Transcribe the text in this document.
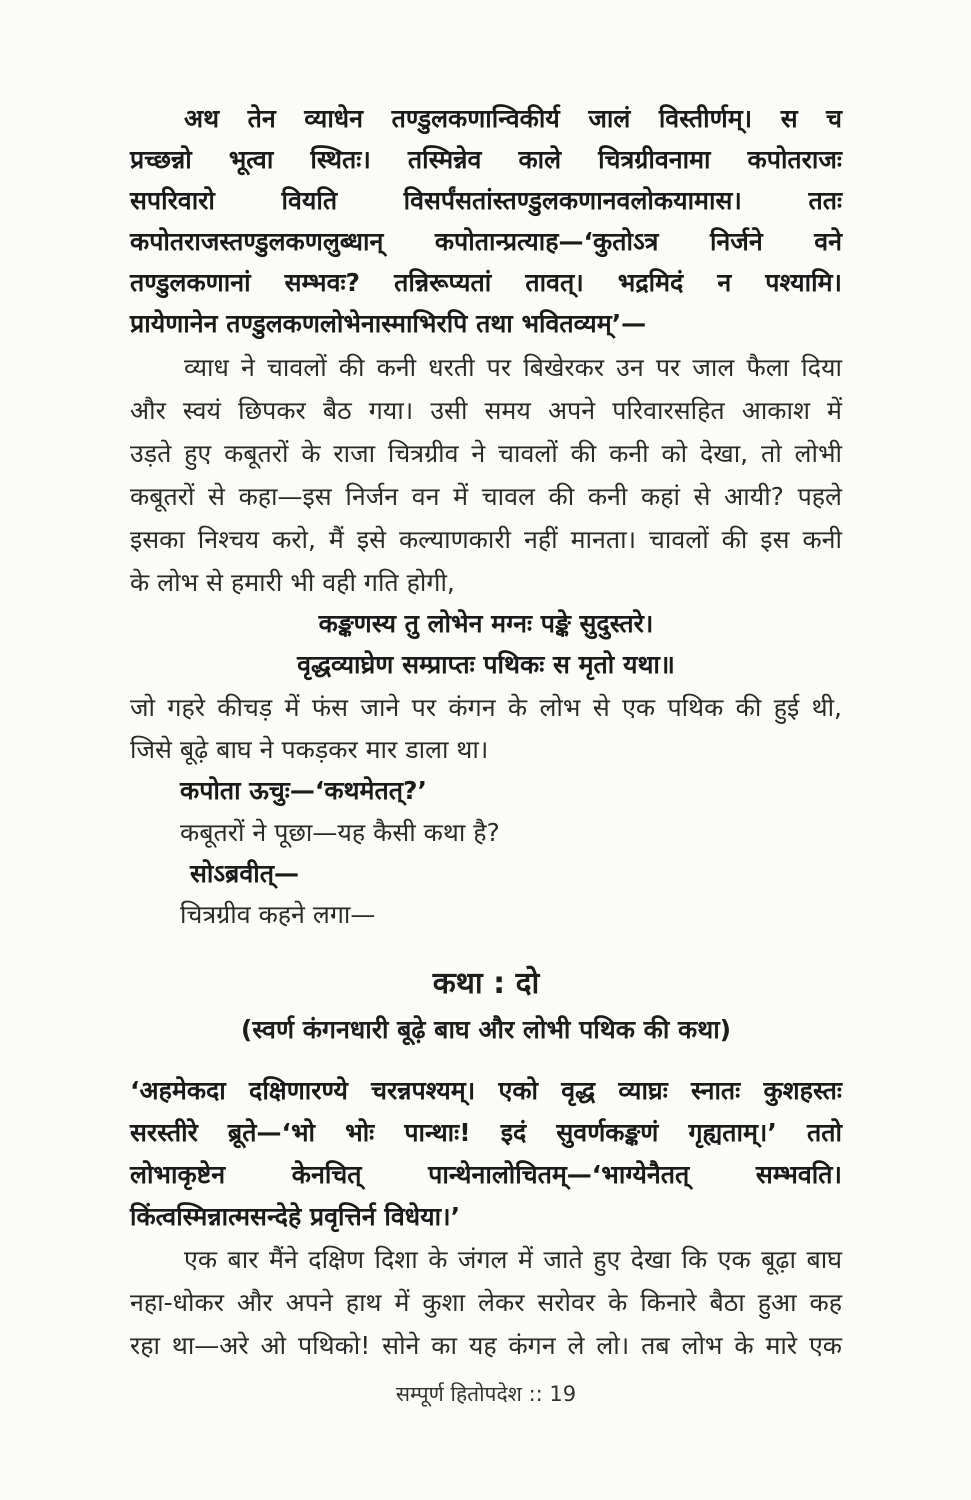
अथ तेन व्याधेन तण्डुलकणान्विकीर्य जालं विस्तीर्णम्। स च
प्रच्छन्नो भूत्वा स्थितः। तस्मिन्नेव काले चित्रग्रीवनामा कपोतराजः
सपरिवारो वियति विसर्पंसतांस्तण्डुलकणानवलोकयामास। ततः
कपोतराजस्तण्डुलकणलुब्धान् कपोतान्प्रत्याह—‘कुतोऽत्र निर्जने वने
तण्डुलकणानां सम्भवः? तन्निरूप्यतां तावत्। भद्रमिदं न पश्यामि।
प्रायेणानेन तण्डुलकणलोभेनास्माभिरपि तथा भवितव्यम्’—
व्याध ने चावलों की कनी धरती पर बिखेरकर उन पर जाल फैला दिया
और स्वयं छिपकर बैठ गया। उसी समय अपने परिवारसहित आकाश में
उड़ते हुए कबूतरों के राजा चित्रग्रीव ने चावलों की कनी को देखा, तो लोभी
कबूतरों से कहा—इस निर्जन वन में चावल की कनी कहां से आयी? पहले
इसका निश्चय करो, मैं इसे कल्याणकारी नहीं मानता। चावलों की इस कनी
के लोभ से हमारी भी वही गति होगी,
कङ्कणस्य तु लोभेन मग्नः पङ्के सुदुस्तरे।
वृद्धव्याघ्रेण सम्प्राप्तः पथिकः स मृतो यथा॥
जो गहरे कीचड़ में फंस जाने पर कंगन के लोभ से एक पथिक की हुई थी,
जिसे बूढ़े बाघ ने पकड़कर मार डाला था।
कपोता ऊचुः—‘कथमेतत्?’
कबूतरों ने पूछा—यह कैसी कथा है?
सोऽब्रवीत्—
चित्रग्रीव कहने लगा—
कथा : दो
(स्वर्ण कंगनधारी बूढ़े बाघ और लोभी पथिक की कथा)
‘अहमेकदा दक्षिणारण्ये चरन्नपश्यम्। एको वृद्ध व्याघ्रः स्नातः कुशहस्तः
सरस्तीरे ब्रूते—‘भो भोः पान्थाः! इदं सुवर्णकङ्कणं गृह्यताम्।’ ततो
लोभाकृष्टेन केनचित् पान्थेनालोचितम्—‘भाग्येनैतत् सम्भवति।
किंत्वस्मिन्नात्मसन्देहे प्रवृत्तिर्न विधेया।’
एक बार मैंने दक्षिण दिशा के जंगल में जाते हुए देखा कि एक बूढ़ा बाघ
नहा-धोकर और अपने हाथ में कुशा लेकर सरोवर के किनारे बैठा हुआ कह
रहा था—अरे ओ पथिको! सोने का यह कंगन ले लो। तब लोभ के मारे एक
सम्पूर्ण हितोपदेश :: 19
